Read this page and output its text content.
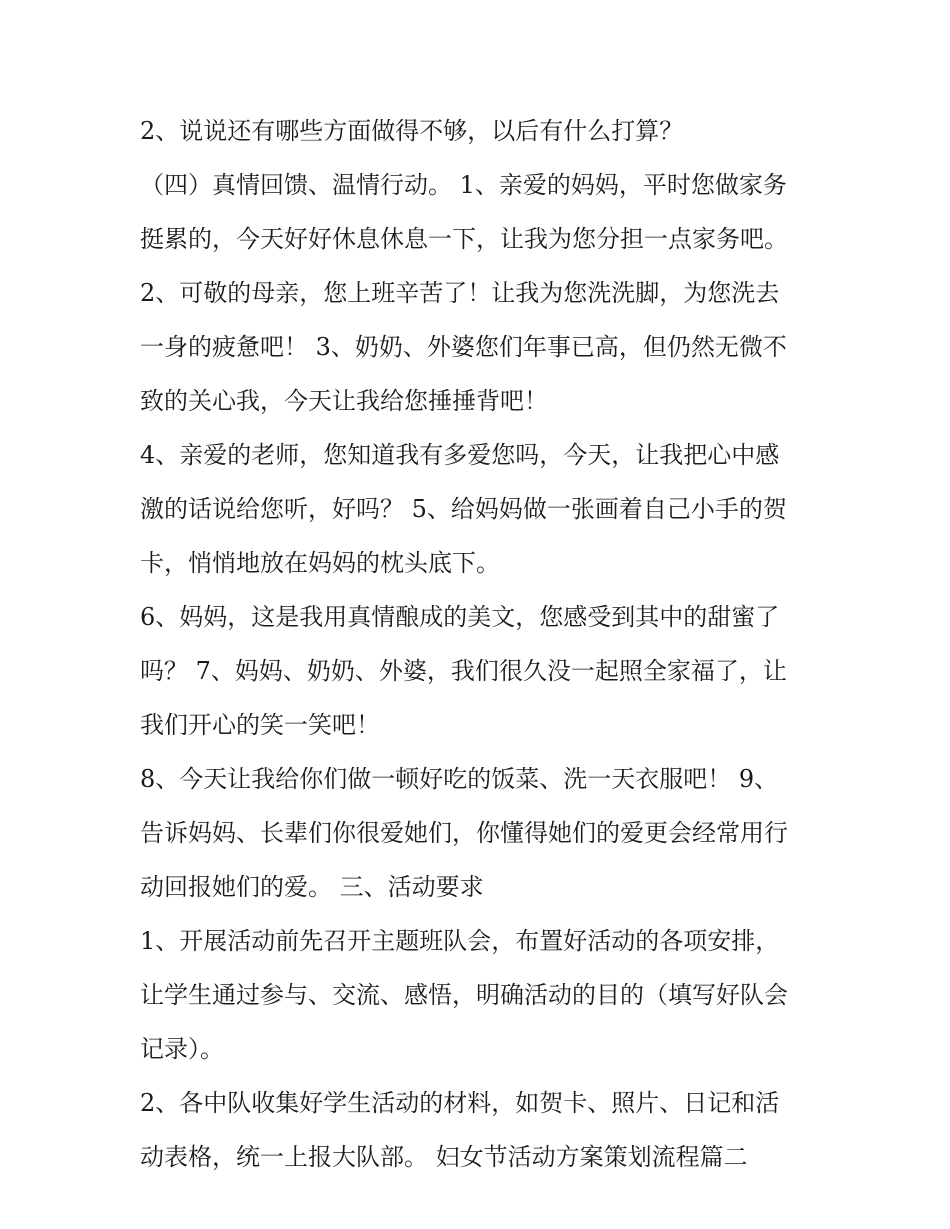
2、说说还有哪些方面做得不够，以后有什么打算？
（四）真情回馈、温情行动。 1、亲爱的妈妈，平时您做家务
挺累的，今天好好休息休息一下，让我为您分担一点家务吧。
2、可敬的母亲，您上班辛苦了！让我为您洗洗脚，为您洗去
一身的疲惫吧！ 3、奶奶、外婆您们年事已高，但仍然无微不
致的关心我，今天让我给您捶捶背吧！
4、亲爱的老师，您知道我有多爱您吗，今天，让我把心中感
激的话说给您听，好吗？ 5、给妈妈做一张画着自己小手的贺
卡，悄悄地放在妈妈的枕头底下。
6、妈妈，这是我用真情酿成的美文，您感受到其中的甜蜜了
吗？ 7、妈妈、奶奶、外婆，我们很久没一起照全家福了，让
我们开心的笑一笑吧！
8、今天让我给你们做一顿好吃的饭菜、洗一天衣服吧！ 9、
告诉妈妈、长辈们你很爱她们，你懂得她们的爱更会经常用行
动回报她们的爱。 三、活动要求
1、开展活动前先召开主题班队会，布置好活动的各项安排，
让学生通过参与、交流、感悟，明确活动的目的（填写好队会
记录）。
2、各中队收集好学生活动的材料，如贺卡、照片、日记和活
动表格，统一上报大队部。 妇女节活动方案策划流程篇二
